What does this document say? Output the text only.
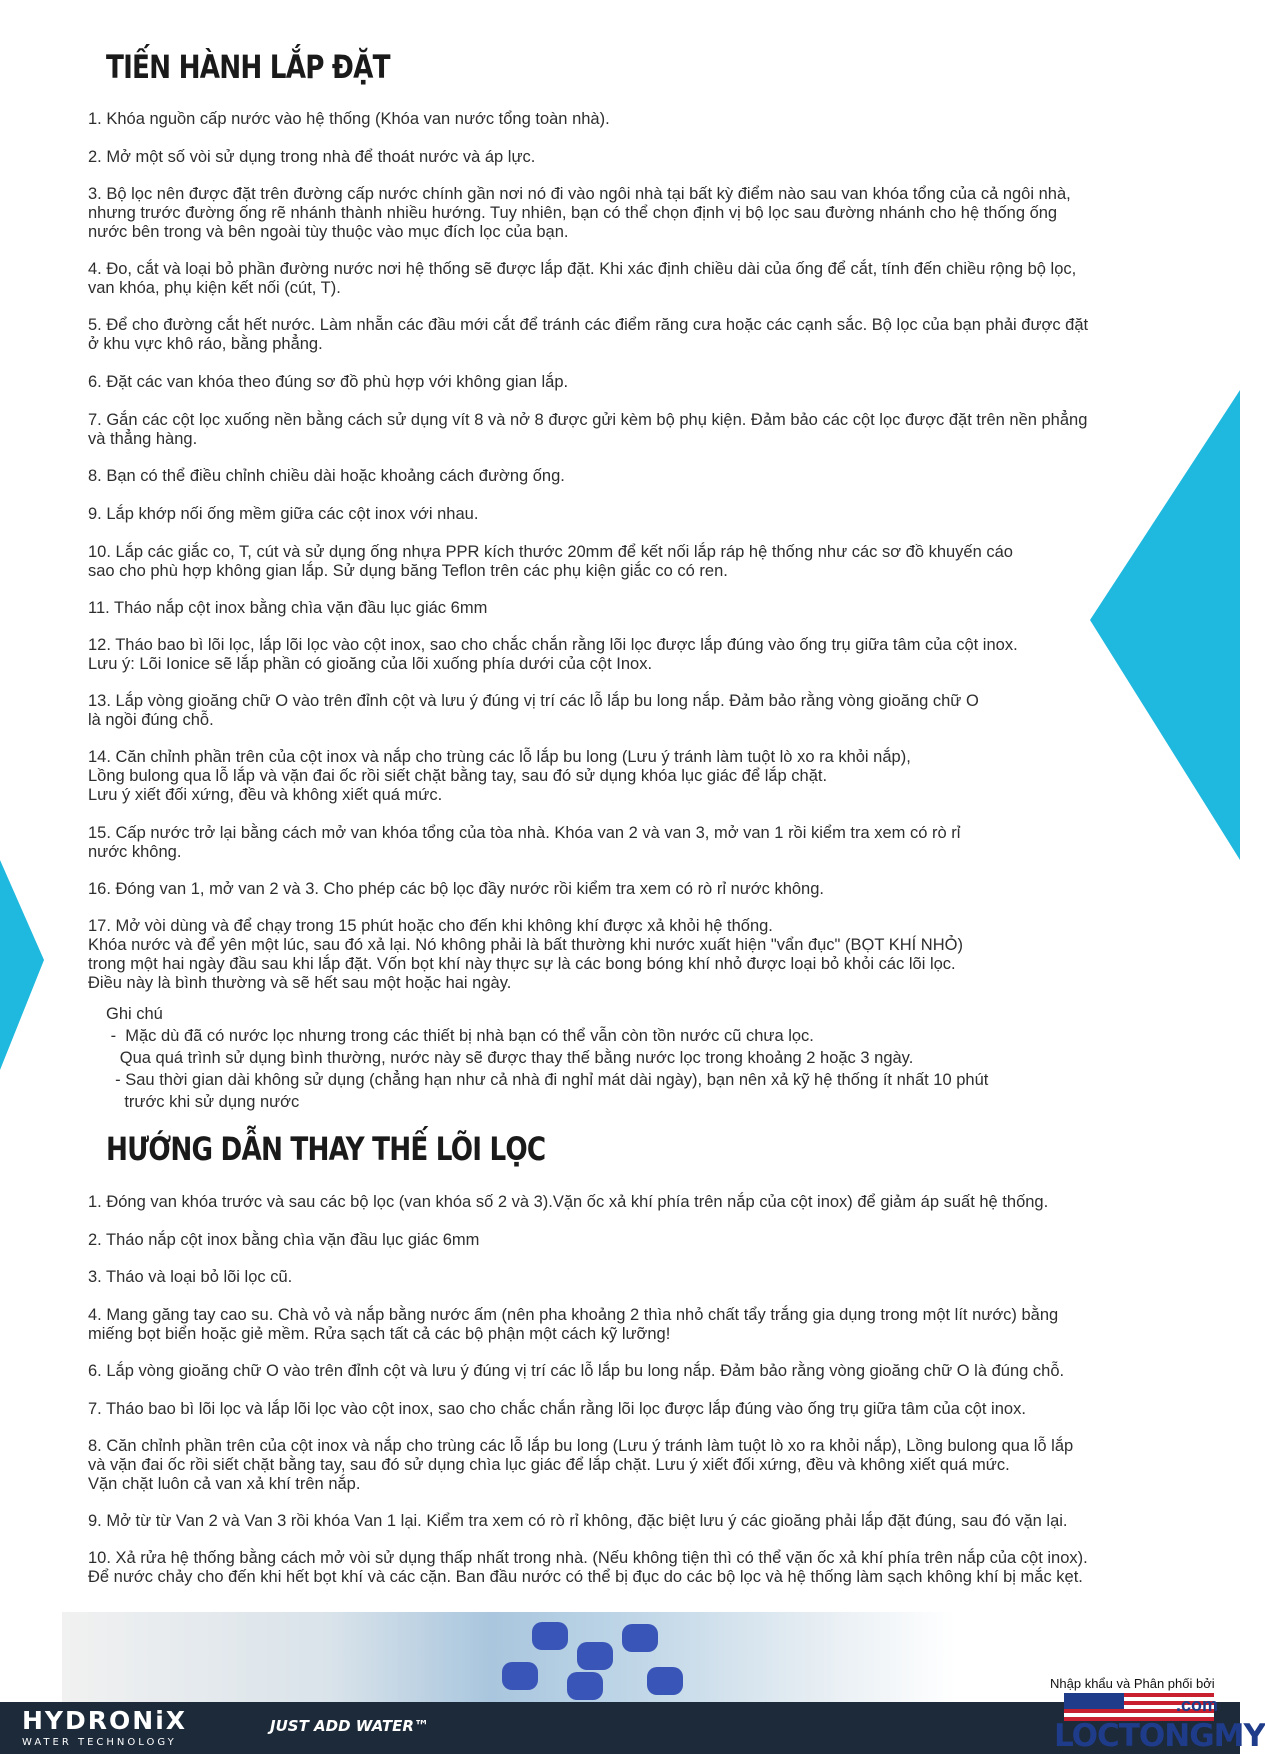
TIẾN HÀNH LẮP ĐẶT

1. Khóa nguồn cấp nước vào hệ thống (Khóa van nước tổng toàn nhà).

2. Mở một số vòi sử dụng trong nhà để thoát nước và áp lực.

3. Bộ lọc nên được đặt trên đường cấp nước chính gần nơi nó đi vào ngôi nhà tại bất kỳ điểm nào sau van khóa tổng của cả ngôi nhà,
nhưng trước đường ống rẽ nhánh thành nhiều hướng. Tuy nhiên, bạn có thể chọn định vị bộ lọc sau đường nhánh cho hệ thống ống
nước bên trong và bên ngoài tùy thuộc vào mục đích lọc của bạn.

4. Đo, cắt và loại bỏ phần đường nước nơi hệ thống sẽ được lắp đặt. Khi xác định chiều dài của ống để cắt, tính đến chiều rộng bộ lọc,
van khóa, phụ kiện kết nối (cút, T).

5. Để cho đường cắt hết nước. Làm nhẵn các đầu mới cắt để tránh các điểm răng cưa hoặc các cạnh sắc. Bộ lọc của bạn phải được đặt
ở khu vực khô ráo, bằng phẳng.

6. Đặt các van khóa theo đúng sơ đồ phù hợp với không gian lắp.

7. Gắn các cột lọc xuống nền bằng cách sử dụng vít 8 và nở 8 được gửi kèm bộ phụ kiện. Đảm bảo các cột lọc được đặt trên nền phẳng
và thẳng hàng.

8. Bạn có thể điều chỉnh chiều dài hoặc khoảng cách đường ống.

9. Lắp khớp nối ống mềm giữa các cột inox với nhau.

10. Lắp các giắc co, T, cút và sử dụng ống nhựa PPR kích thước 20mm để kết nối lắp ráp hệ thống như các sơ đồ khuyến cáo
sao cho phù hợp không gian lắp. Sử dụng băng Teflon trên các phụ kiện giắc co có ren.

11. Tháo nắp cột inox bằng chìa vặn đầu lục giác 6mm

12. Tháo bao bì lõi lọc, lắp lõi lọc vào cột inox, sao cho chắc chắn rằng lõi lọc được lắp đúng vào ống trụ giữa tâm của cột inox.
Lưu ý: Lõi Ionice sẽ lắp phần có gioăng của lõi xuống phía dưới của cột Inox.

13. Lắp vòng gioăng chữ O vào trên đỉnh cột và lưu ý đúng vị trí các lỗ lắp bu long nắp. Đảm bảo rằng vòng gioăng chữ O
là ngồi đúng chỗ.

14. Căn chỉnh phần trên của cột inox và nắp cho trùng các lỗ lắp bu long (Lưu ý tránh làm tuột lò xo ra khỏi nắp),
Lồng bulong qua lỗ lắp và vặn đai ốc rồi siết chặt bằng tay, sau đó sử dụng khóa lục giác để lắp chặt.
Lưu ý xiết đối xứng, đều và không xiết quá mức.

15. Cấp nước trở lại bằng cách mở van khóa tổng của tòa nhà. Khóa van 2 và van 3, mở van 1 rồi kiểm tra xem có rò rỉ
nước không.

16. Đóng van 1, mở van 2 và 3. Cho phép các bộ lọc đầy nước rồi kiểm tra xem có rò rỉ nước không.

17. Mở vòi dùng và để chạy trong 15 phút hoặc cho đến khi không khí được xả khỏi hệ thống.
Khóa nước và để yên một lúc, sau đó xả lại. Nó không phải là bất thường khi nước xuất hiện "vẩn đục" (BỌT KHÍ NHỎ)
trong một hai ngày đầu sau khi lắp đặt. Vốn bọt khí này thực sự là các bong bóng khí nhỏ được loại bỏ khỏi các lõi lọc.
Điều này là bình thường và sẽ hết sau một hoặc hai ngày.

Ghi chú
-  Mặc dù đã có nước lọc nhưng trong các thiết bị nhà bạn có thể vẫn còn tồn nước cũ chưa lọc.
Qua quá trình sử dụng bình thường, nước này sẽ được thay thế bằng nước lọc trong khoảng 2 hoặc 3 ngày.
- Sau thời gian dài không sử dụng (chẳng hạn như cả nhà đi nghỉ mát dài ngày), bạn nên xả kỹ hệ thống ít nhất 10 phút
trước khi sử dụng nước
HƯỚNG DẪN THAY THẾ LÕI LỌC

1. Đóng van khóa trước và sau các bộ lọc (van khóa số 2 và 3).Vặn ốc xả khí phía trên nắp của cột inox) để giảm áp suất hệ thống.

2. Tháo nắp cột inox bằng chìa vặn đầu lục giác 6mm

3. Tháo và loại bỏ lõi lọc cũ.

4. Mang găng tay cao su. Chà vỏ và nắp bằng nước ấm (nên pha khoảng 2 thìa nhỏ chất tẩy trắng gia dụng trong một lít nước) bằng
miếng bọt biển hoặc giẻ mềm. Rửa sạch tất cả các bộ phận một cách kỹ lưỡng!

6. Lắp vòng gioăng chữ O vào trên đỉnh cột và lưu ý đúng vị trí các lỗ lắp bu long nắp. Đảm bảo rằng vòng gioăng chữ O là đúng chỗ.

7. Tháo bao bì lõi lọc và lắp lõi lọc vào cột inox, sao cho chắc chắn rằng lõi lọc được lắp đúng vào ống trụ giữa tâm của cột inox.

8. Căn chỉnh phần trên của cột inox và nắp cho trùng các lỗ lắp bu long (Lưu ý tránh làm tuột lò xo ra khỏi nắp), Lồng bulong qua lỗ lắp
và vặn đai ốc rồi siết chặt bằng tay, sau đó sử dụng chìa lục giác để lắp chặt. Lưu ý xiết đối xứng, đều và không xiết quá mức.
Vặn chặt luôn cả van xả khí trên nắp.

9. Mở từ từ Van 2 và Van 3 rồi khóa Van 1 lại. Kiểm tra xem có rò rỉ không, đặc biệt lưu ý các gioăng phải lắp đặt đúng, sau đó vặn lại.

10. Xả rửa hệ thống bằng cách mở vòi sử dụng thấp nhất trong nhà. (Nếu không tiện thì có thể vặn ốc xả khí phía trên nắp của cột inox).
Để nước chảy cho đến khi hết bọt khí và các cặn. Ban đầu nước có thể bị đục do các bộ lọc và hệ thống làm sạch không khí bị mắc kẹt.

HYDRONiX
WATER TECHNOLOGY
JUST ADD WATER™
Nhập khẩu và Phân phối bởi
.com
LOCTONGMY
